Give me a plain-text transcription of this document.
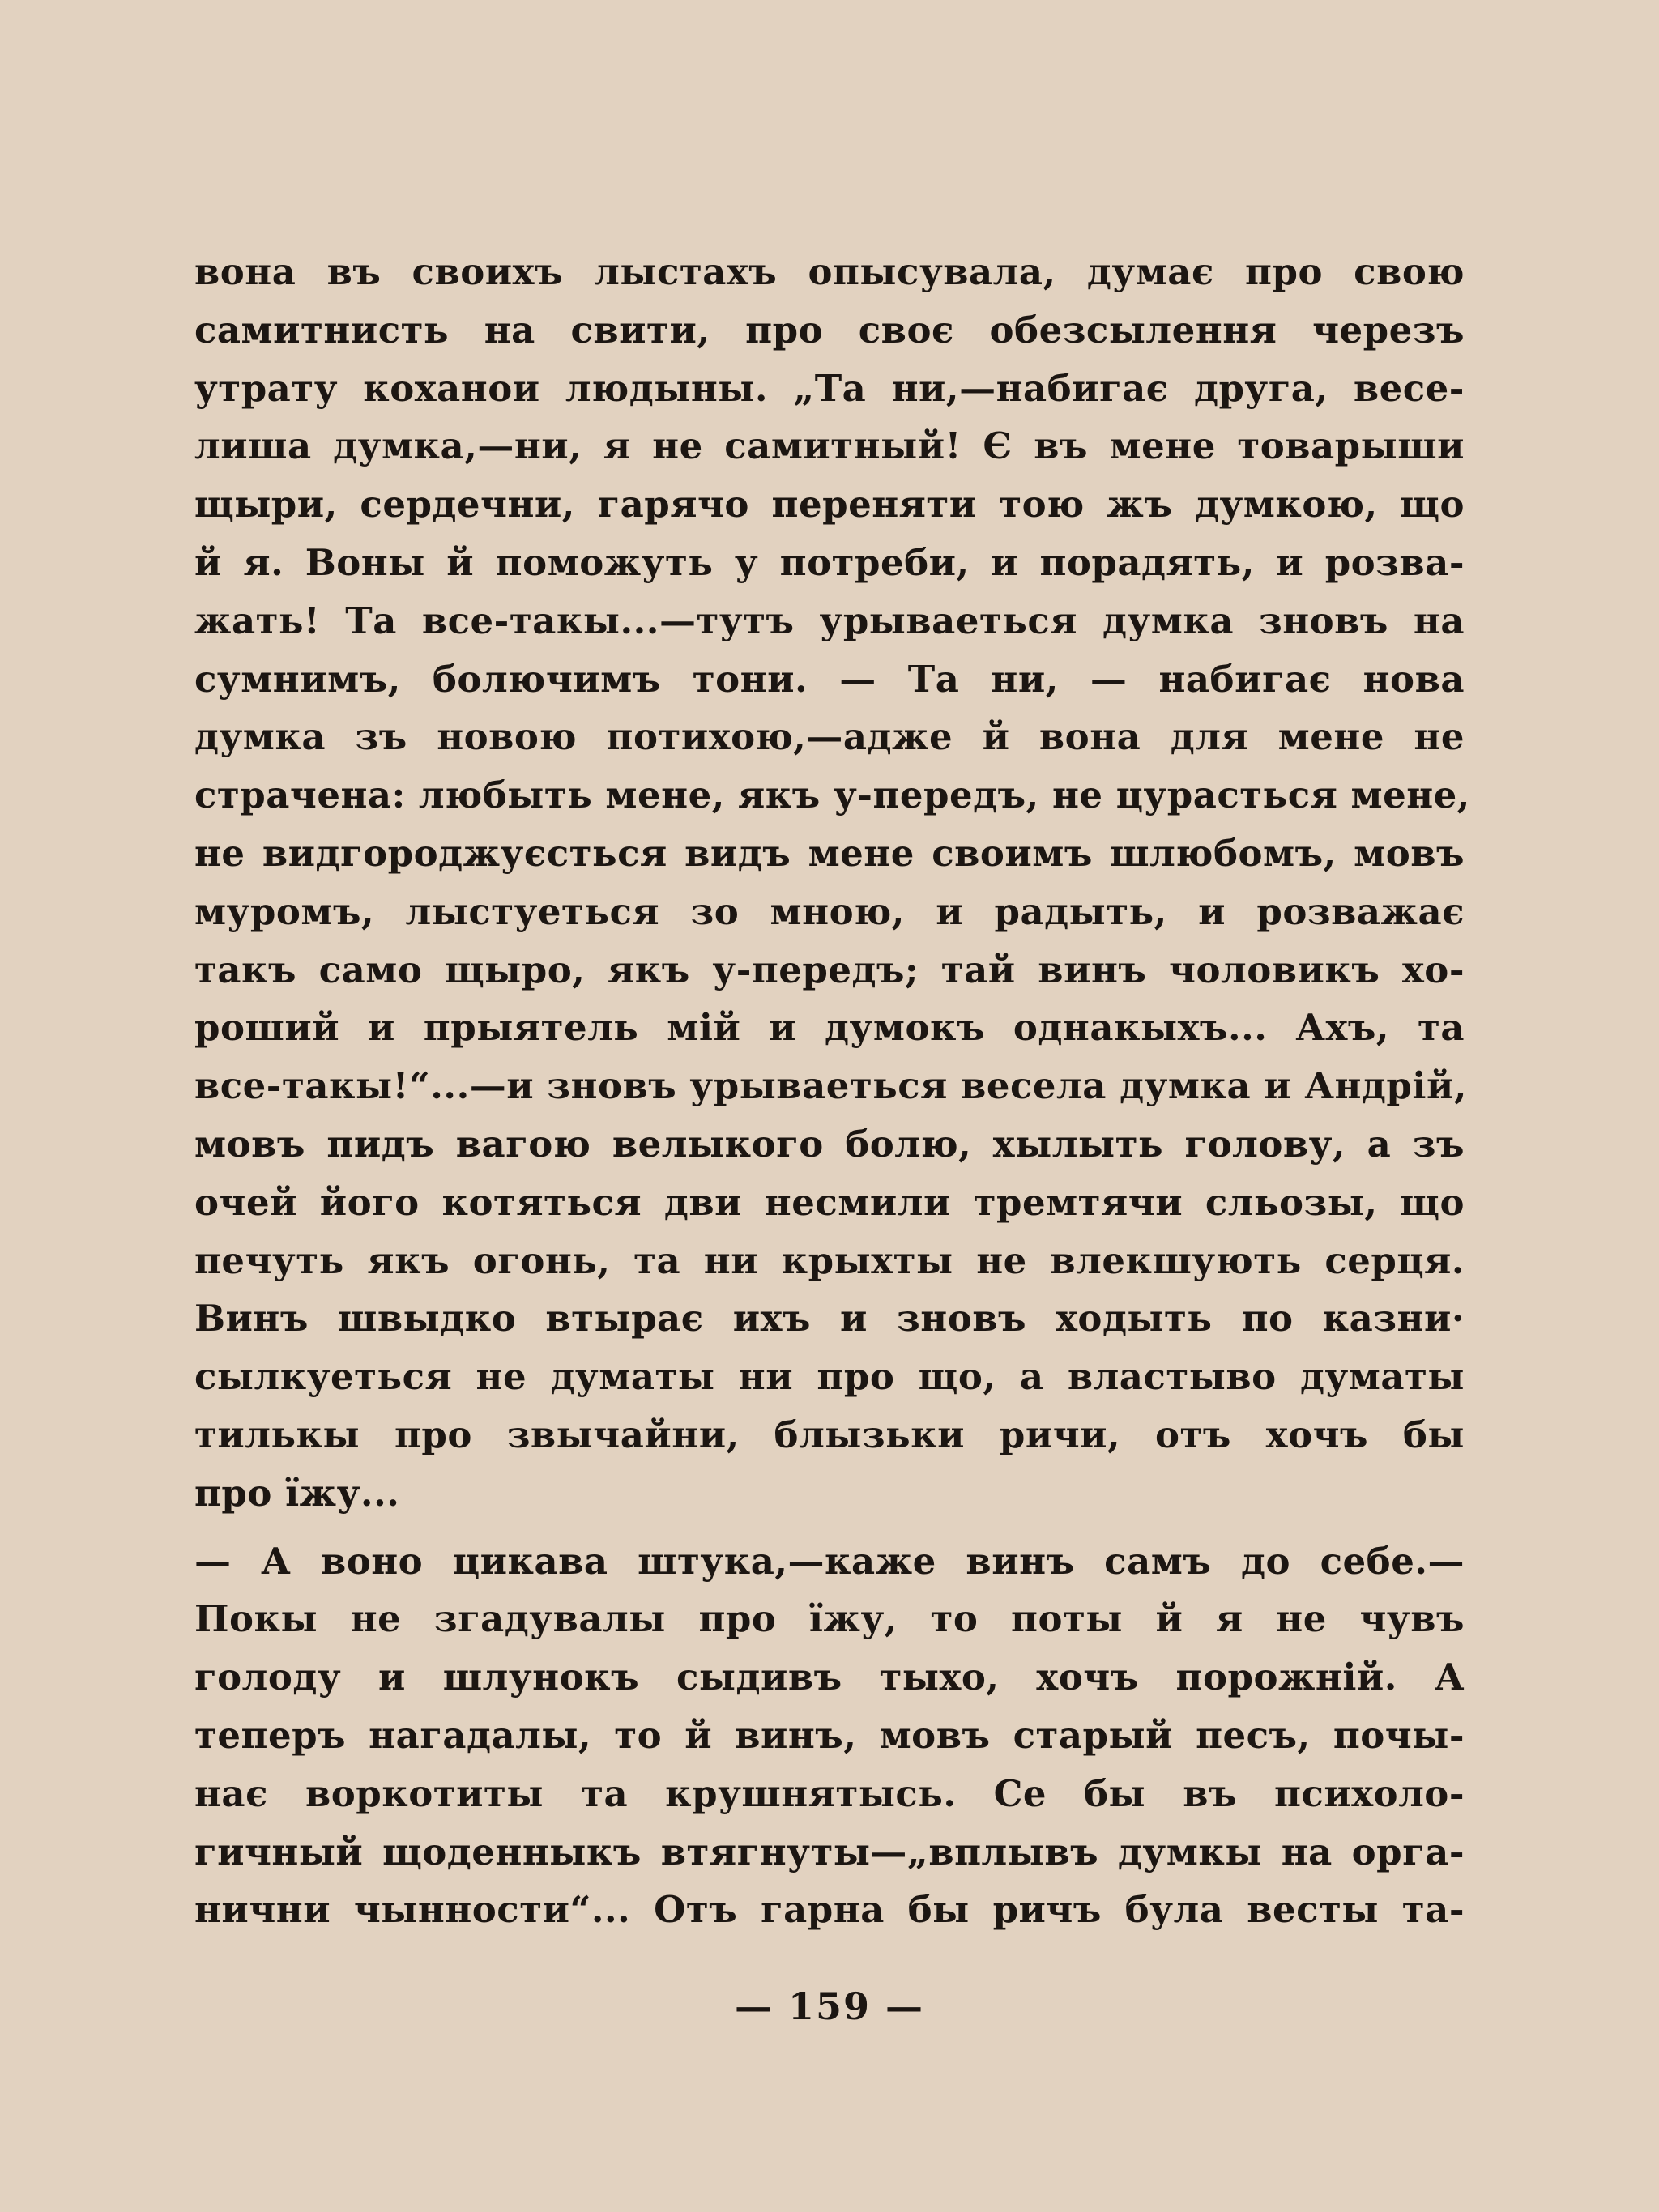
вона въ своихъ лыстахъ опысувала, думає про свою
самитнисть на свити, про своє обезсылення черезъ
утрату коханои людыны. „Та ни,—набигає друга, весе-
лиша думка,—ни, я не самитный! Є въ мене товарыши
щыри, сердечни, гарячо переняти тою жъ думкою, що
й я. Воны й поможуть у потреби, и порадять, и розва-
жать! Та все-такы...—тутъ урываеться думка зновъ на
сумнимъ, болючимъ тони. — Та ни, — набигає нова
думка зъ новою потихою,—адже й вона для мене не
страчена: любыть мене, якъ у-передъ, не цурасться мене,
не видгороджуєсться видъ мене своимъ шлюбомъ, мовъ
муромъ, лыстуеться зо мною, и радыть, и розважає
такъ само щыро, якъ у-передъ; тай винъ чоловикъ хо-
роший и прыятель мій и думокъ однакыхъ... Ахъ, та
все-такы!“...—и зновъ урываеться весела думка и Андрій,
мовъ пидъ вагою велыкого болю, хылыть голову, а зъ
очей його котяться дви несмили тремтячи сльозы, що
печуть якъ огонь, та ни крыхты не влекшують серця.
Винъ швыдко втырає ихъ и зновъ ходыть по казни·
сылкуеться не думаты ни про що, а властыво думаты
тилькы про звычайни, блызьки ричи, отъ хочъ бы
про їжу...
— А воно цикава штука,—каже винъ самъ до себе.—
Покы не згадувалы про їжу, то поты й я не чувъ
голоду и шлунокъ сыдивъ тыхо, хочъ порожній. А
теперъ нагадалы, то й винъ, мовъ старый песъ, почы-
нає воркотиты та крушнятысь. Се бы въ психоло-
гичный щоденныкъ втягнуты—„вплывъ думкы на орга-
нични чынности“... Отъ гарна бы ричъ була весты та-
— 159 —
